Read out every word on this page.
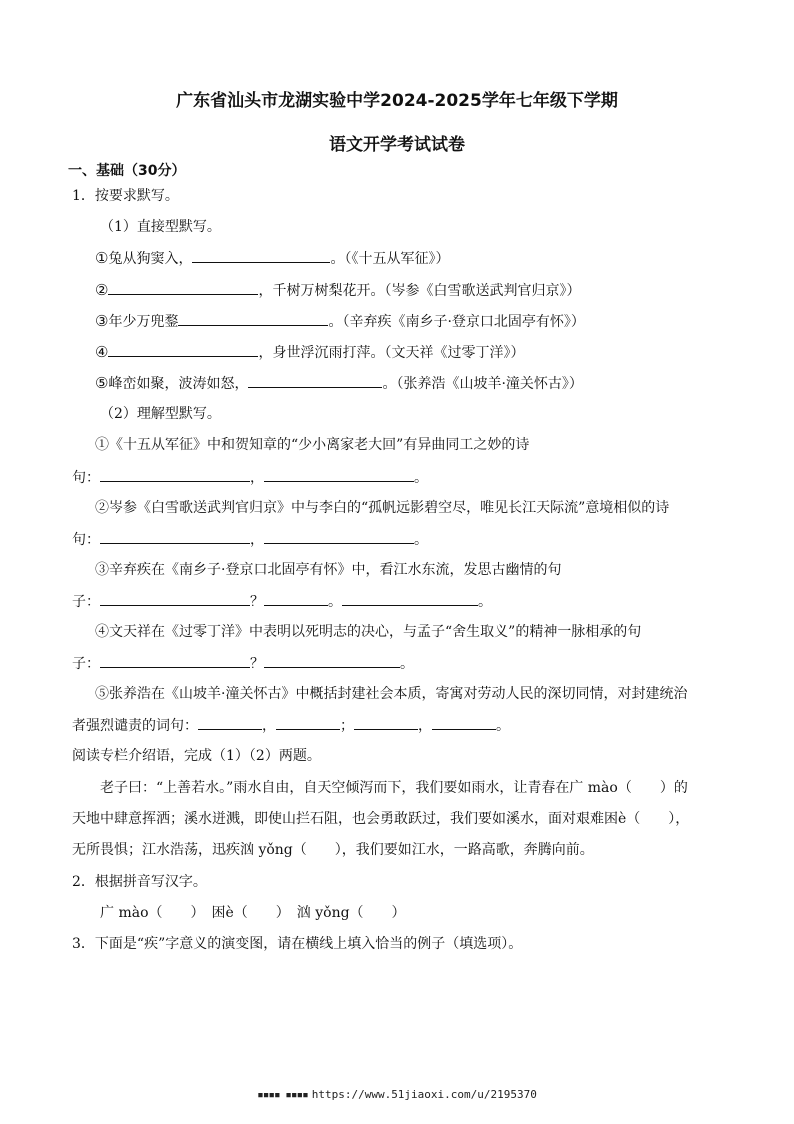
广东省汕头市龙湖实验中学2024-2025学年七年级下学期
语文开学考试试卷
一、基础（30分）
1．按要求默写。
（1）直接型默写。
①兔从狗窦入，	。（《十五从军征》）
②	，千树万树梨花开。（岑参《白雪歌送武判官归京》）
③年少万兜鍪	。（辛弃疾《南乡子·登京口北固亭有怀》）
④	，身世浮沉雨打萍。（文天祥《过零丁洋》）
⑤峰峦如聚，波涛如怒，	。（张养浩《山坡羊·潼关怀古》）
（2）理解型默写。
①《十五从军征》中和贺知章的“少小离家老大回”有异曲同工之妙的诗
句：	，	。
②岑参《白雪歌送武判官归京》中与李白的“孤帆远影碧空尽，唯见长江天际流”意境相似的诗
句：	，	。
③辛弃疾在《南乡子·登京口北固亭有怀》中，看江水东流，发思古幽情的句
子：	？	。	。
④文天祥在《过零丁洋》中表明以死明志的决心，与孟子“舍生取义”的精神一脉相承的句
子：	？	。
⑤张养浩在《山坡羊·潼关怀古》中概括封建社会本质，寄寓对劳动人民的深切同情，对封建统治
者强烈谴责的词句：	，	；	，	。
阅读专栏介绍语，完成（1）（2）两题。
老子曰：“上善若水。”雨水自由，自天空倾泻而下，我们要如雨水，让青春在广 mào（　　）的
天地中肆意挥洒；溪水迸溅，即使山拦石阻，也会勇敢跃过，我们要如溪水，面对艰难困è（　　），
无所畏惧；江水浩荡，迅疾汹 yǒng（　　），我们要如江水，一路高歌，奔腾向前。
2．根据拼音写汉字。
广 mào（　　）　困è（　　）　汹 yǒng（　　）
3．下面是“疾”字意义的演变图，请在横线上填入恰当的例子（填选项）。
▪▪▪▪ ▪▪▪▪ https://www.51jiaoxi.com/u/2195370
